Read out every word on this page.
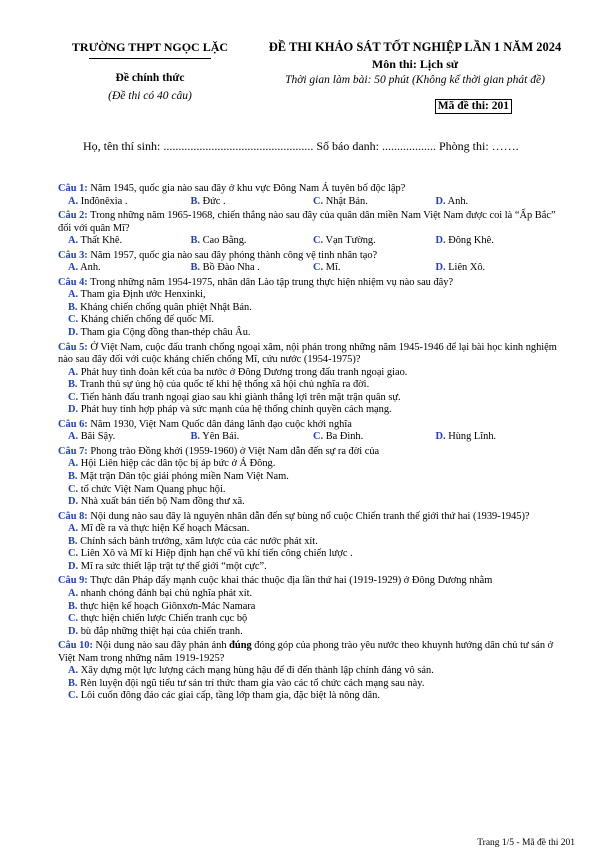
TRƯỜNG THPT NGỌC LẶC
Đề chính thức
(Đề thi có 40 câu)
ĐỀ THI KHẢO SÁT TỐT NGHIỆP LẦN 1 NĂM 2024
Môn thi: Lịch sử
Thời gian làm bài: 50 phút (Không kể thời gian phát đề)
Mã đề thi: 201
Họ, tên thí sinh: .................................................. Số báo danh: .................. Phòng thi: …….
Câu 1: Năm 1945, quốc gia nào sau đây ở khu vực Đông Nam Á tuyên bố độc lập?
A. Inđônêxia .	B. Đức .	C. Nhật Bản.	D. Anh.
Câu 2: Trong những năm 1965-1968, chiến thắng nào sau đây của quân dân miền Nam Việt Nam được coi là “Ấp Bắc” đối với quân Mĩ?
A. Thất Khê.	B. Cao Bằng.	C. Vạn Tường.	D. Đông Khê.
Câu 3: Năm 1957, quốc gia nào sau đây phóng thành công vệ tinh nhân tạo?
A. Anh.	B. Bồ Đào Nha .	C. Mĩ.	D. Liên Xô.
Câu 4: Trong những năm 1954-1975, nhân dân Lào tập trung thực hiện nhiệm vụ nào sau đây?
A. Tham gia Định ước Henxinki,
B. Kháng chiến chống quân phiệt Nhật Bản.
C. Kháng chiến chống đế quốc Mĩ.
D. Tham gia Cộng đồng than-thép châu Âu.
Câu 5: Ở Việt Nam, cuộc đấu tranh chống ngoại xâm, nội phản trong những năm 1945-1946 để lại bài học kinh nghiệm nào sau đây đối với cuộc kháng chiến chống Mĩ, cứu nước (1954-1975)?
A. Phát huy tình đoàn kết của ba nước ở Đông Dương trong đấu tranh ngoại giao.
B. Tranh thủ sự ủng hộ của quốc tế khi hệ thống xã hội chủ nghĩa ra đời.
C. Tiến hành đấu tranh ngoại giao sau khi giành thắng lợi trên mặt trận quân sự.
D. Phát huy tính hợp pháp và sức mạnh của hệ thống chính quyền cách mạng.
Câu 6: Năm 1930, Việt Nam Quốc dân đảng lãnh đạo cuộc khởi nghĩa
A. Bãi Sậy.	B. Yên Bái.	C. Ba Đình.	D. Hùng Lĩnh.
Câu 7: Phong trào Đồng khởi (1959-1960) ở Việt Nam dẫn đến sự ra đời của
A. Hội Liên hiệp các dân tộc bị áp bức ở Á Đông.
B. Mặt trận Dân tộc giải phóng miền Nam Việt Nam.
C. tổ chức Việt Nam Quang phục hội.
D. Nhà xuất bản tiến bộ Nam đồng thư xã.
Câu 8: Nội dung nào sau đây là nguyên nhân dẫn đến sự bùng nổ cuộc Chiến tranh thế giới thứ hai (1939-1945)?
A. Mĩ đề ra và thực hiện Kế hoạch Mácsan.
B. Chính sách bành trướng, xâm lược của các nước phát xít.
C. Liên Xô và Mĩ kí Hiệp định hạn chế vũ khí tiến công chiến lược .
D. Mĩ ra sức thiết lập trật tự thế giới “một cực”.
Câu 9: Thực dân Pháp đẩy mạnh cuộc khai thác thuộc địa lần thứ hai (1919-1929) ở Đông Dương nhằm
A. nhanh chóng đánh bại chủ nghĩa phát xít.
B. thực hiện kế hoạch Giônxơn-Mác Namara
C. thực hiện chiến lược Chiến tranh cục bộ
D. bù đắp những thiệt hại của chiến tranh.
Câu 10: Nội dung nào sau đây phản ánh đúng đóng góp của phong trào yêu nước theo khuynh hướng dân chủ tư sản ở Việt Nam trong những năm 1919-1925?
A. Xây dựng một lực lượng cách mạng hùng hậu để đi đến thành lập chính đảng vô sản.
B. Rèn luyện đội ngũ tiểu tư sản trí thức tham gia vào các tổ chức cách mạng sau này.
C. Lôi cuốn đông đảo các giai cấp, tầng lớp tham gia, đặc biệt là nông dân.
Trang 1/5 - Mã đề thi 201
